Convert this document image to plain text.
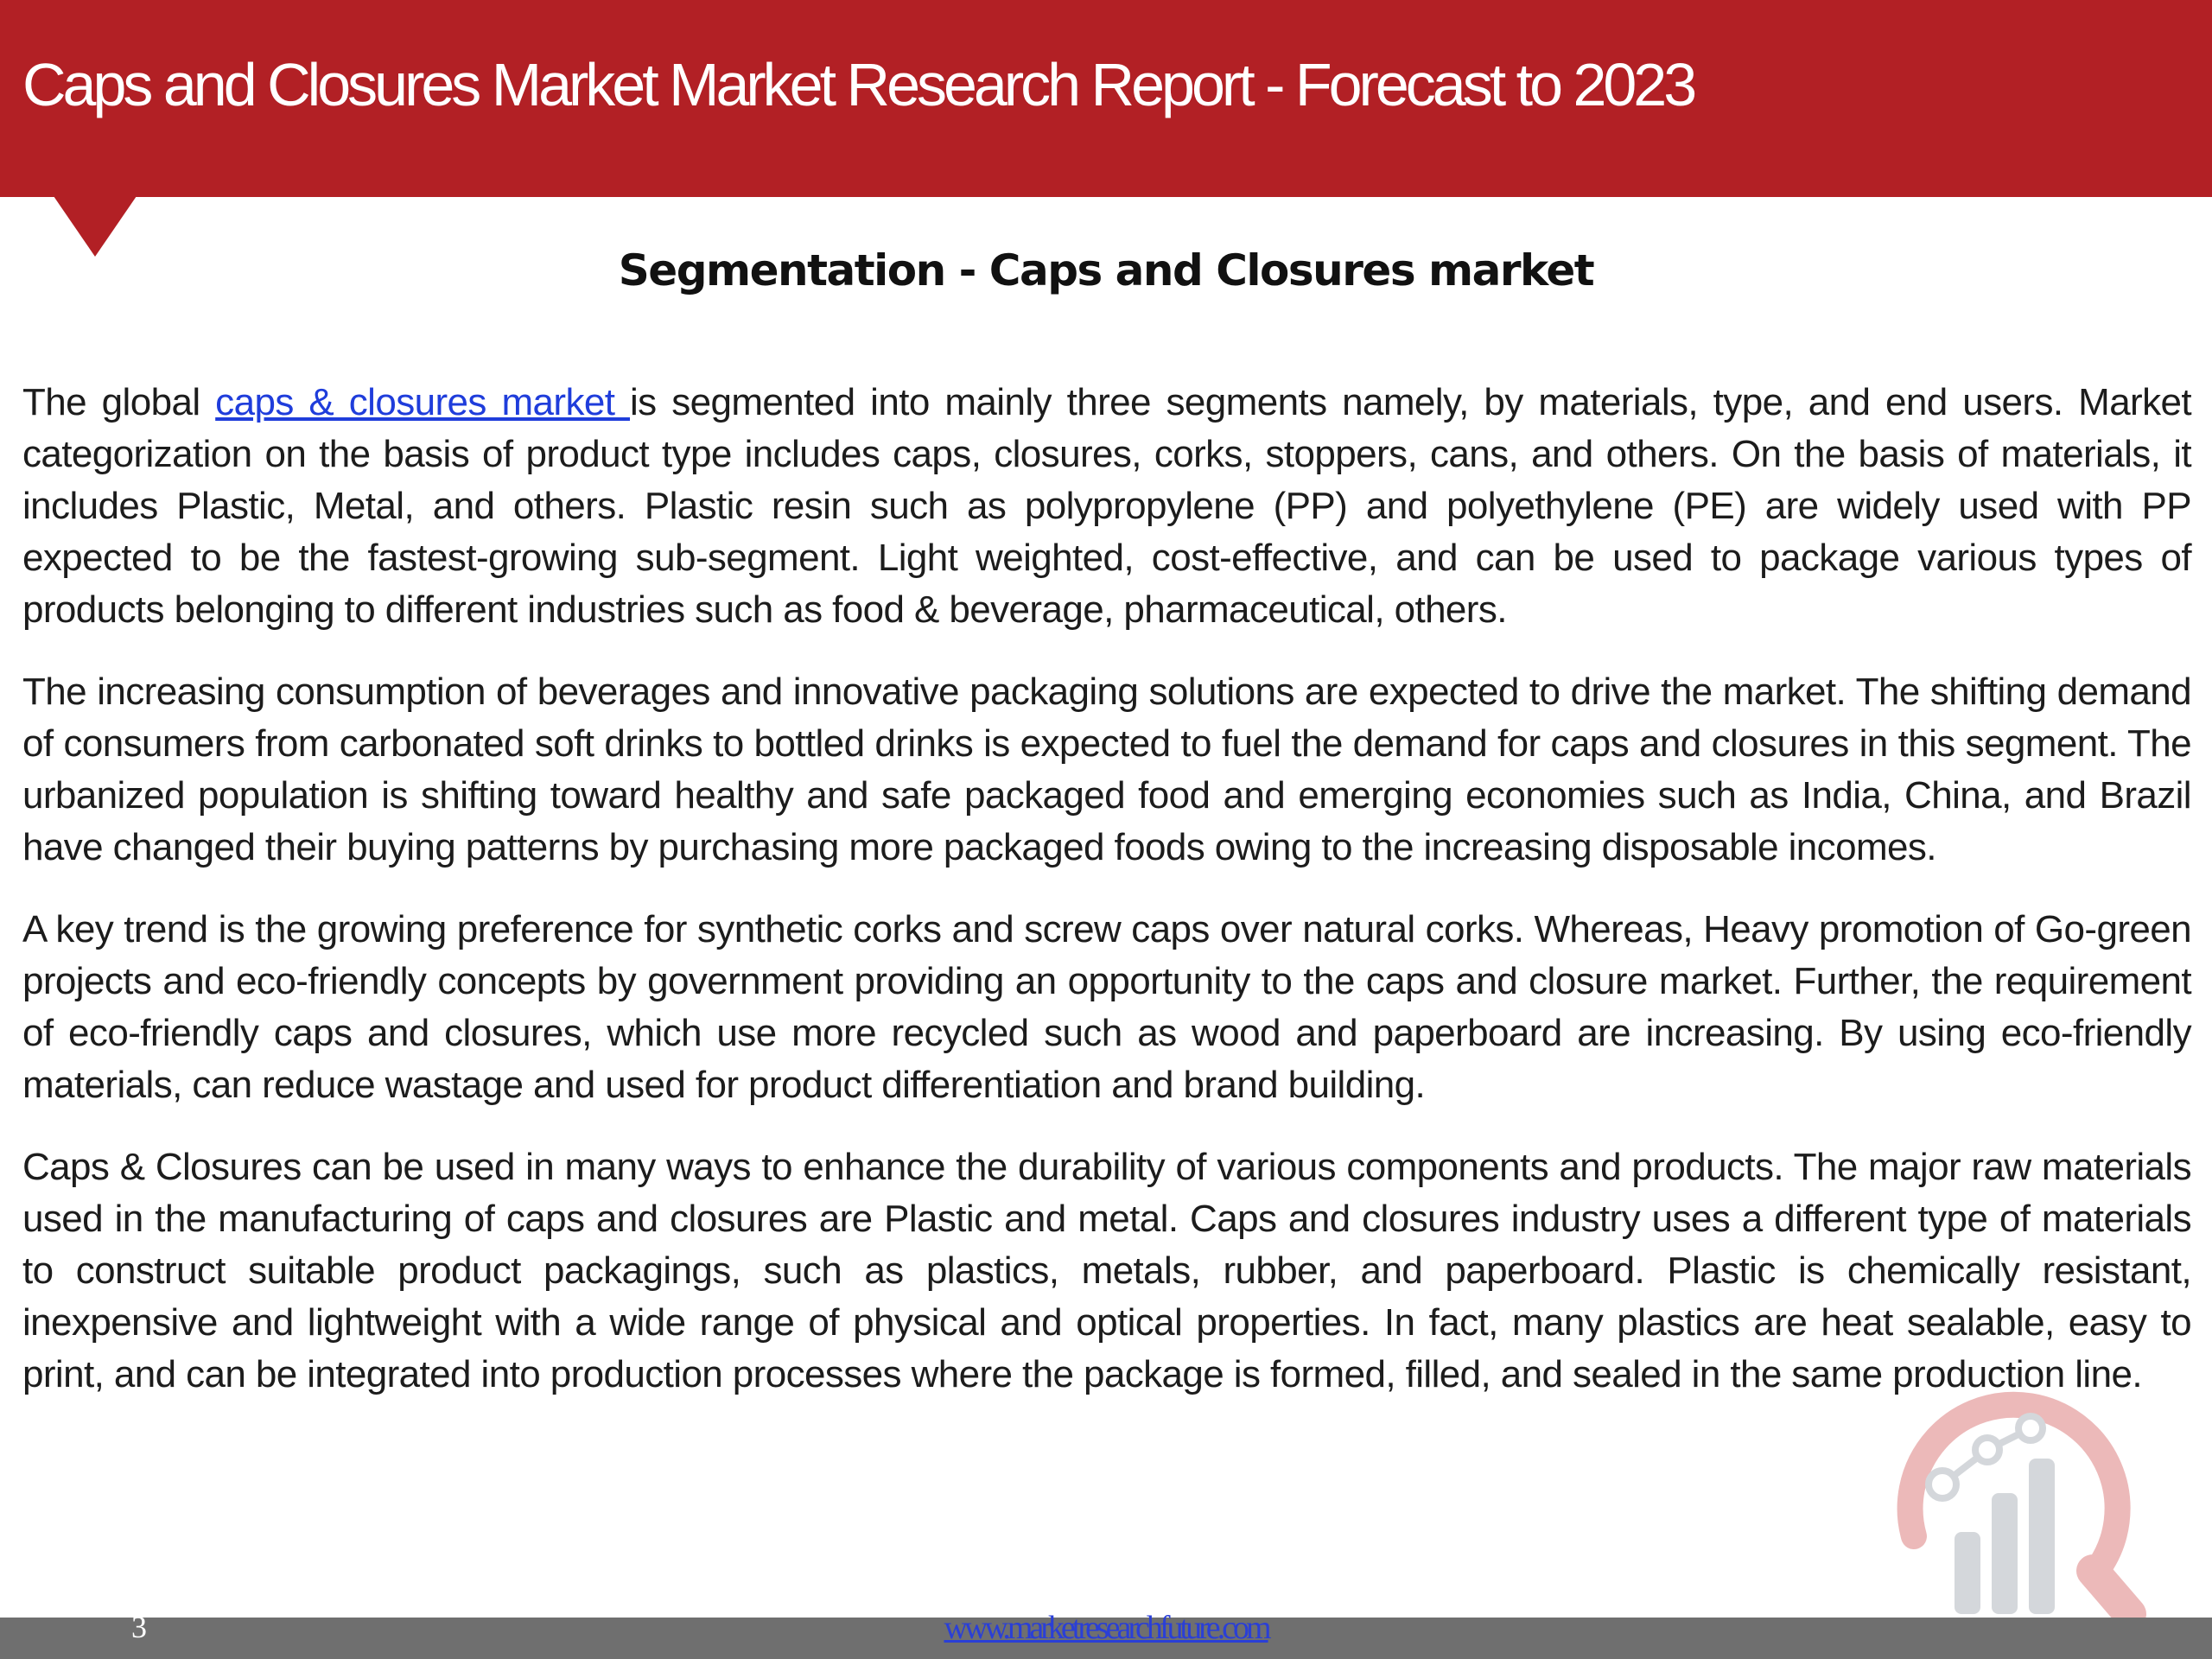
Caps and Closures Market Market Research Report - Forecast to 2023
Segmentation - Caps and Closures market

The global caps & closures market is segmented into mainly three segments namely, by materials, type, and end users. Market categorization on the basis of product type includes caps, closures, corks, stoppers, cans, and others. On the basis of materials, it includes Plastic, Metal, and others. Plastic resin such as polypropylene (PP) and polyethylene (PE) are widely used with PP expected to be the fastest-growing sub-segment. Light weighted, cost-effective, and can be used to package various types of products belonging to different industries such as food & beverage, pharmaceutical, others.

The increasing consumption of beverages and innovative packaging solutions are expected to drive the market. The shifting demand of consumers from carbonated soft drinks to bottled drinks is expected to fuel the demand for caps and closures in this segment. The urbanized population is shifting toward healthy and safe packaged food and emerging economies such as India, China, and Brazil have changed their buying patterns by purchasing more packaged foods owing to the increasing disposable incomes.

A key trend is the growing preference for synthetic corks and screw caps over natural corks. Whereas, Heavy promotion of Go-green projects and eco-friendly concepts by government providing an opportunity to the caps and closure market. Further, the requirement of eco-friendly caps and closures, which use more recycled such as wood and paperboard are increasing. By using eco-friendly materials, can reduce wastage and used for product differentiation and brand building.

Caps & Closures can be used in many ways to enhance the durability of various components and products. The major raw materials used in the manufacturing of caps and closures are Plastic and metal. Caps and closures industry uses a different type of materials to construct suitable product packagings, such as plastics, metals, rubber, and paperboard. Plastic is chemically resistant, inexpensive and lightweight with a wide range of physical and optical properties. In fact, many plastics are heat sealable, easy to print, and can be integrated into production processes where the package is formed, filled, and sealed in the same production line.

3	www.marketresearchfuture.com
